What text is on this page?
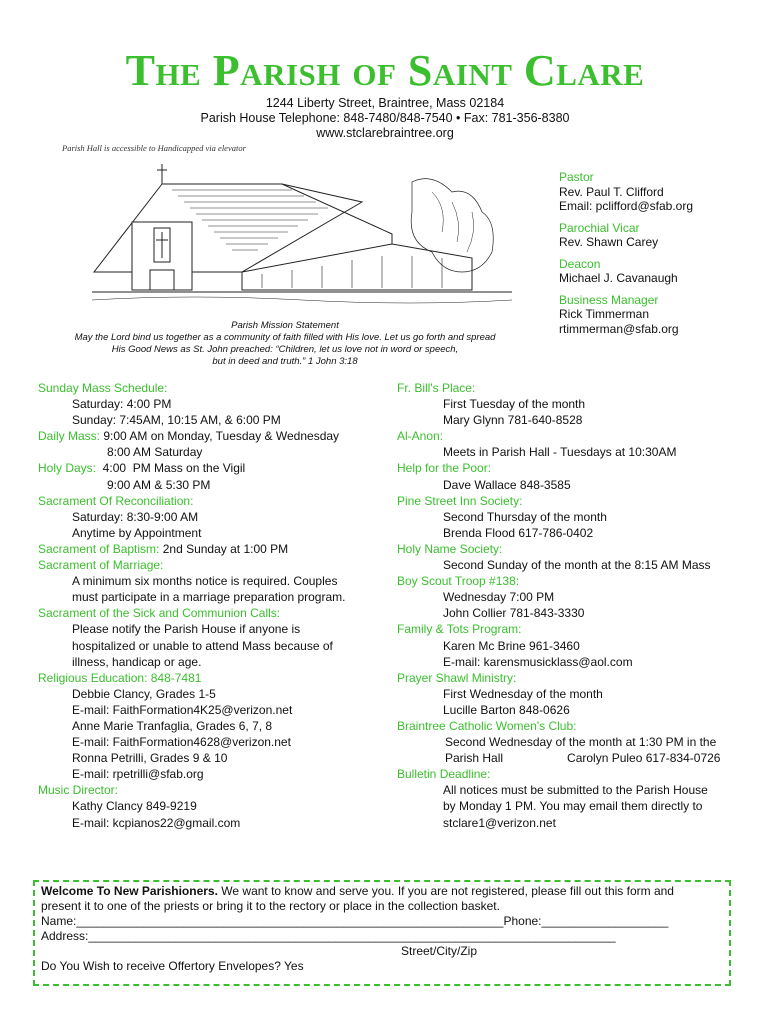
The Parish of Saint Clare
1244 Liberty Street, Braintree, Mass 02184
Parish House Telephone: 848-7480/848-7540 • Fax: 781-356-8380
www.stclarebraintree.org
Parish Hall is accessible to Handicapped via elevator
Parish Mission Statement
May the Lord bind us together as a community of faith filled with His love. Let us go forth and spread
His Good News as St. John preached: “Children, let us love not in word or speech,
but in deed and truth.” 1 John 3:18
Pastor
Rev. Paul T. Clifford
Email: pclifford@sfab.org
Parochial Vicar
Rev. Shawn Carey
Deacon
Michael J. Cavanaugh
Business Manager
Rick Timmerman
rtimmerman@sfab.org
Sunday Mass Schedule:
Saturday: 4:00 PM
Sunday: 7:45AM, 10:15 AM, & 6:00 PM
Daily Mass: 9:00 AM on Monday, Tuesday & Wednesday
8:00 AM Saturday
Holy Days:  4:00  PM Mass on the Vigil
9:00 AM & 5:30 PM
Sacrament Of Reconciliation:
Saturday: 8:30-9:00 AM
Anytime by Appointment
Sacrament of Baptism: 2nd Sunday at 1:00 PM
Sacrament of Marriage:
A minimum six months notice is required. Couples
must participate in a marriage preparation program.
Sacrament of the Sick and Communion Calls:
Please notify the Parish House if anyone is
hospitalized or unable to attend Mass because of
illness, handicap or age.
Religious Education: 848-7481
Debbie Clancy, Grades 1-5
E-mail: FaithFormation4K25@verizon.net
Anne Marie Tranfaglia, Grades 6, 7, 8
E-mail: FaithFormation4628@verizon.net
Ronna Petrilli, Grades 9 & 10
E-mail: rpetrilli@sfab.org
Music Director:
Kathy Clancy 849-9219
E-mail: kcpianos22@gmail.com
Fr. Bill's Place:
First Tuesday of the month
Mary Glynn 781-640-8528
Al-Anon:
Meets in Parish Hall - Tuesdays at 10:30AM
Help for the Poor:
Dave Wallace 848-3585
Pine Street Inn Society:
Second Thursday of the month
Brenda Flood 617-786-0402
Holy Name Society:
Second Sunday of the month at the 8:15 AM Mass
Boy Scout Troop #138:
Wednesday 7:00 PM
John Collier 781-843-3330
Family & Tots Program:
Karen Mc Brine 961-3460
E-mail: karensmusicklass@aol.com
Prayer Shawl Ministry:
First Wednesday of the month
Lucille Barton 848-0626
Braintree Catholic Women's Club:
Second Wednesday of the month at 1:30 PM in the
Parish Hall	Carolyn Puleo 617-834-0726
Bulletin Deadline:
All notices must be submitted to the Parish House
by Monday 1 PM. You may email them directly to
stclare1@verizon.net
Welcome To New Parishioners. We want to know and serve you. If you are not registered, please fill out this form and
present it to one of the priests or bring it to the rectory or place in the collection basket.
Name:________________________________________________________________Phone:___________________
Address:_______________________________________________________________________________
Street/City/Zip
Do You Wish to receive Offertory Envelopes? Yes
